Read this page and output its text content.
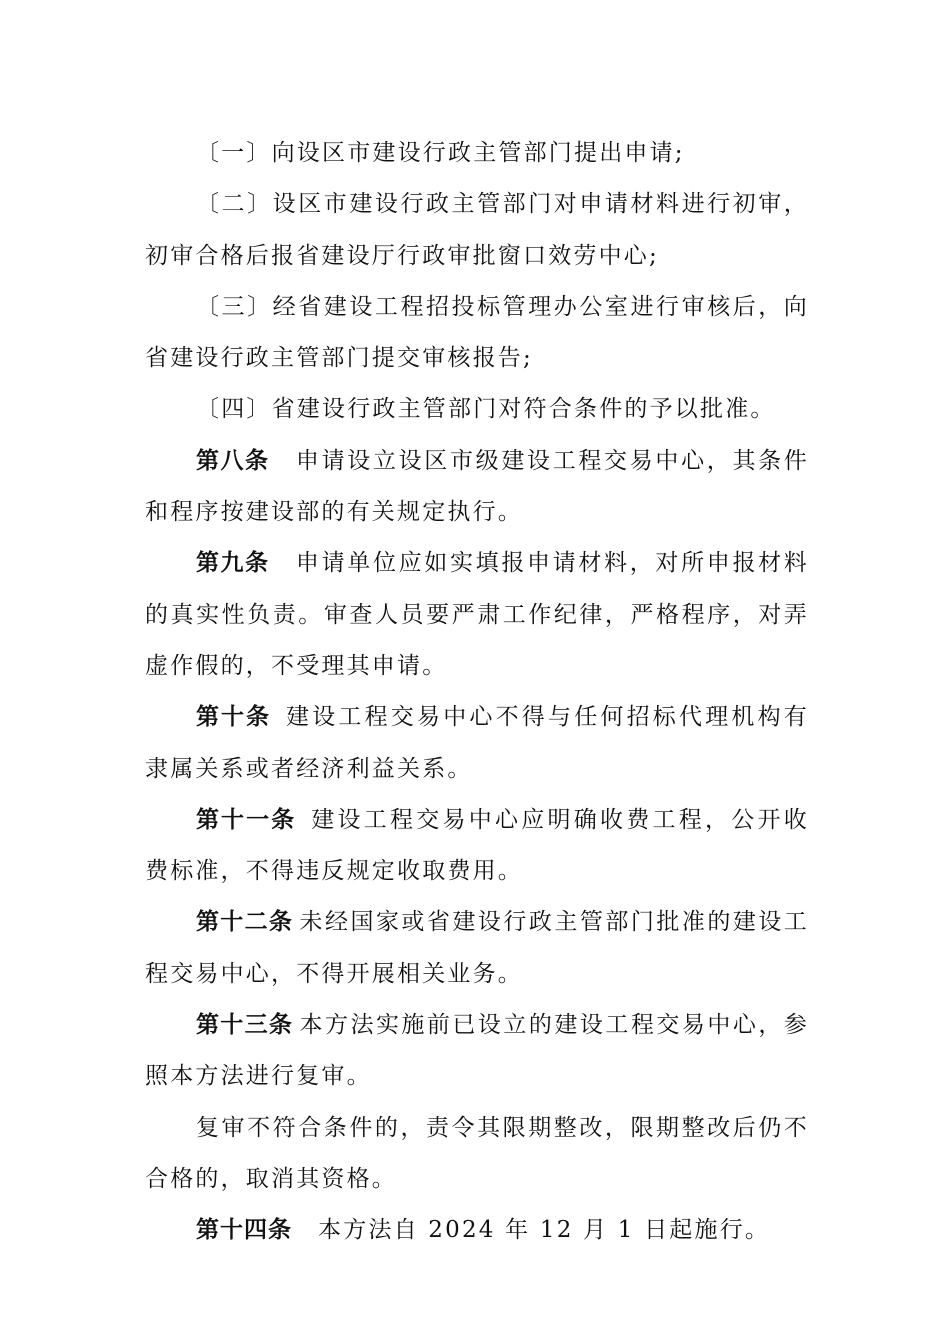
〔一〕向设区市建设行政主管部门提出申请;

〔二〕设区市建设行政主管部门对申请材料进行初审，初审合格后报省建设厅行政审批窗口效劳中心;

〔三〕经省建设工程招投标管理办公室进行审核后，向省建设行政主管部门提交审核报告;

〔四〕省建设行政主管部门对符合条件的予以批准。

第八条 申请设立设区市级建设工程交易中心，其条件和程序按建设部的有关规定执行。

第九条 申请单位应如实填报申请材料，对所申报材料的真实性负责。审查人员要严肃工作纪律，严格程序，对弄虚作假的，不受理其申请。

第十条 建设工程交易中心不得与任何招标代理机构有隶属关系或者经济利益关系。

第十一条 建设工程交易中心应明确收费工程，公开收费标准，不得违反规定收取费用。

第十二条 未经国家或省建设行政主管部门批准的建设工程交易中心，不得开展相关业务。

第十三条 本方法实施前已设立的建设工程交易中心，参照本方法进行复审。

复审不符合条件的，责令其限期整改，限期整改后仍不合格的，取消其资格。

第十四条 本方法自 2024 年 12 月 1 日起施行。
